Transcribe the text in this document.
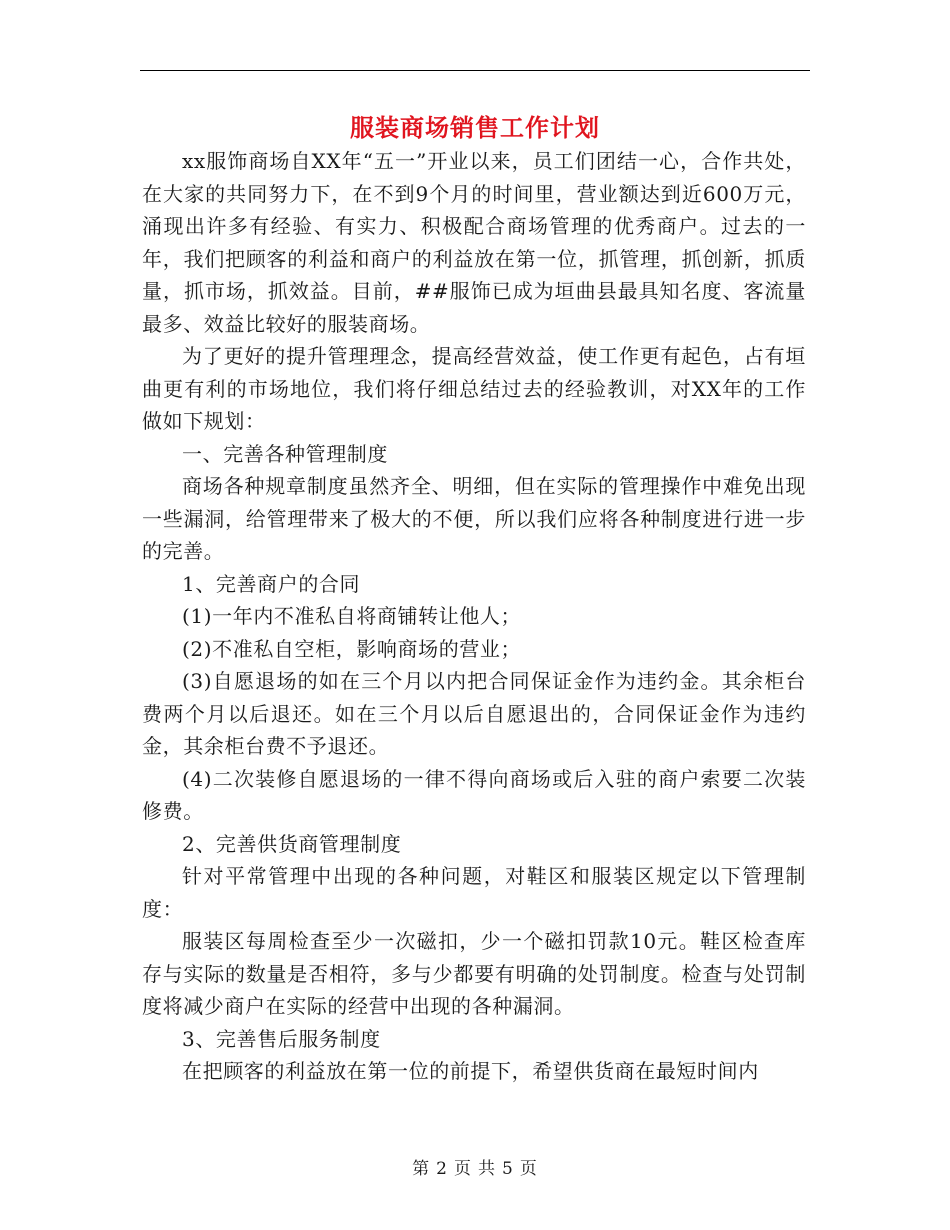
服装商场销售工作计划

xx服饰商场自XX年“五一”开业以来，员工们团结一心，合作共处，在大家的共同努力下，在不到9个月的时间里，营业额达到近600万元，涌现出许多有经验、有实力、积极配合商场管理的优秀商户。过去的一年，我们把顾客的利益和商户的利益放在第一位，抓管理，抓创新，抓质量，抓市场，抓效益。目前，##服饰已成为垣曲县最具知名度、客流量最多、效益比较好的服装商场。

为了更好的提升管理理念，提高经营效益，使工作更有起色，占有垣曲更有利的市场地位，我们将仔细总结过去的经验教训，对XX年的工作做如下规划：

一、完善各种管理制度

商场各种规章制度虽然齐全、明细，但在实际的管理操作中难免出现一些漏洞，给管理带来了极大的不便，所以我们应将各种制度进行进一步的完善。

1、完善商户的合同

(1)一年内不准私自将商铺转让他人；

(2)不准私自空柜，影响商场的营业；

(3)自愿退场的如在三个月以内把合同保证金作为违约金。其余柜台费两个月以后退还。如在三个月以后自愿退出的，合同保证金作为违约金，其余柜台费不予退还。

(4)二次装修自愿退场的一律不得向商场或后入驻的商户索要二次装修费。

2、完善供货商管理制度

针对平常管理中出现的各种问题，对鞋区和服装区规定以下管理制度：

服装区每周检查至少一次磁扣，少一个磁扣罚款10元。鞋区检查库存与实际的数量是否相符，多与少都要有明确的处罚制度。检查与处罚制度将减少商户在实际的经营中出现的各种漏洞。

3、完善售后服务制度

在把顾客的利益放在第一位的前提下，希望供货商在最短时间内

第 2 页 共 5 页
